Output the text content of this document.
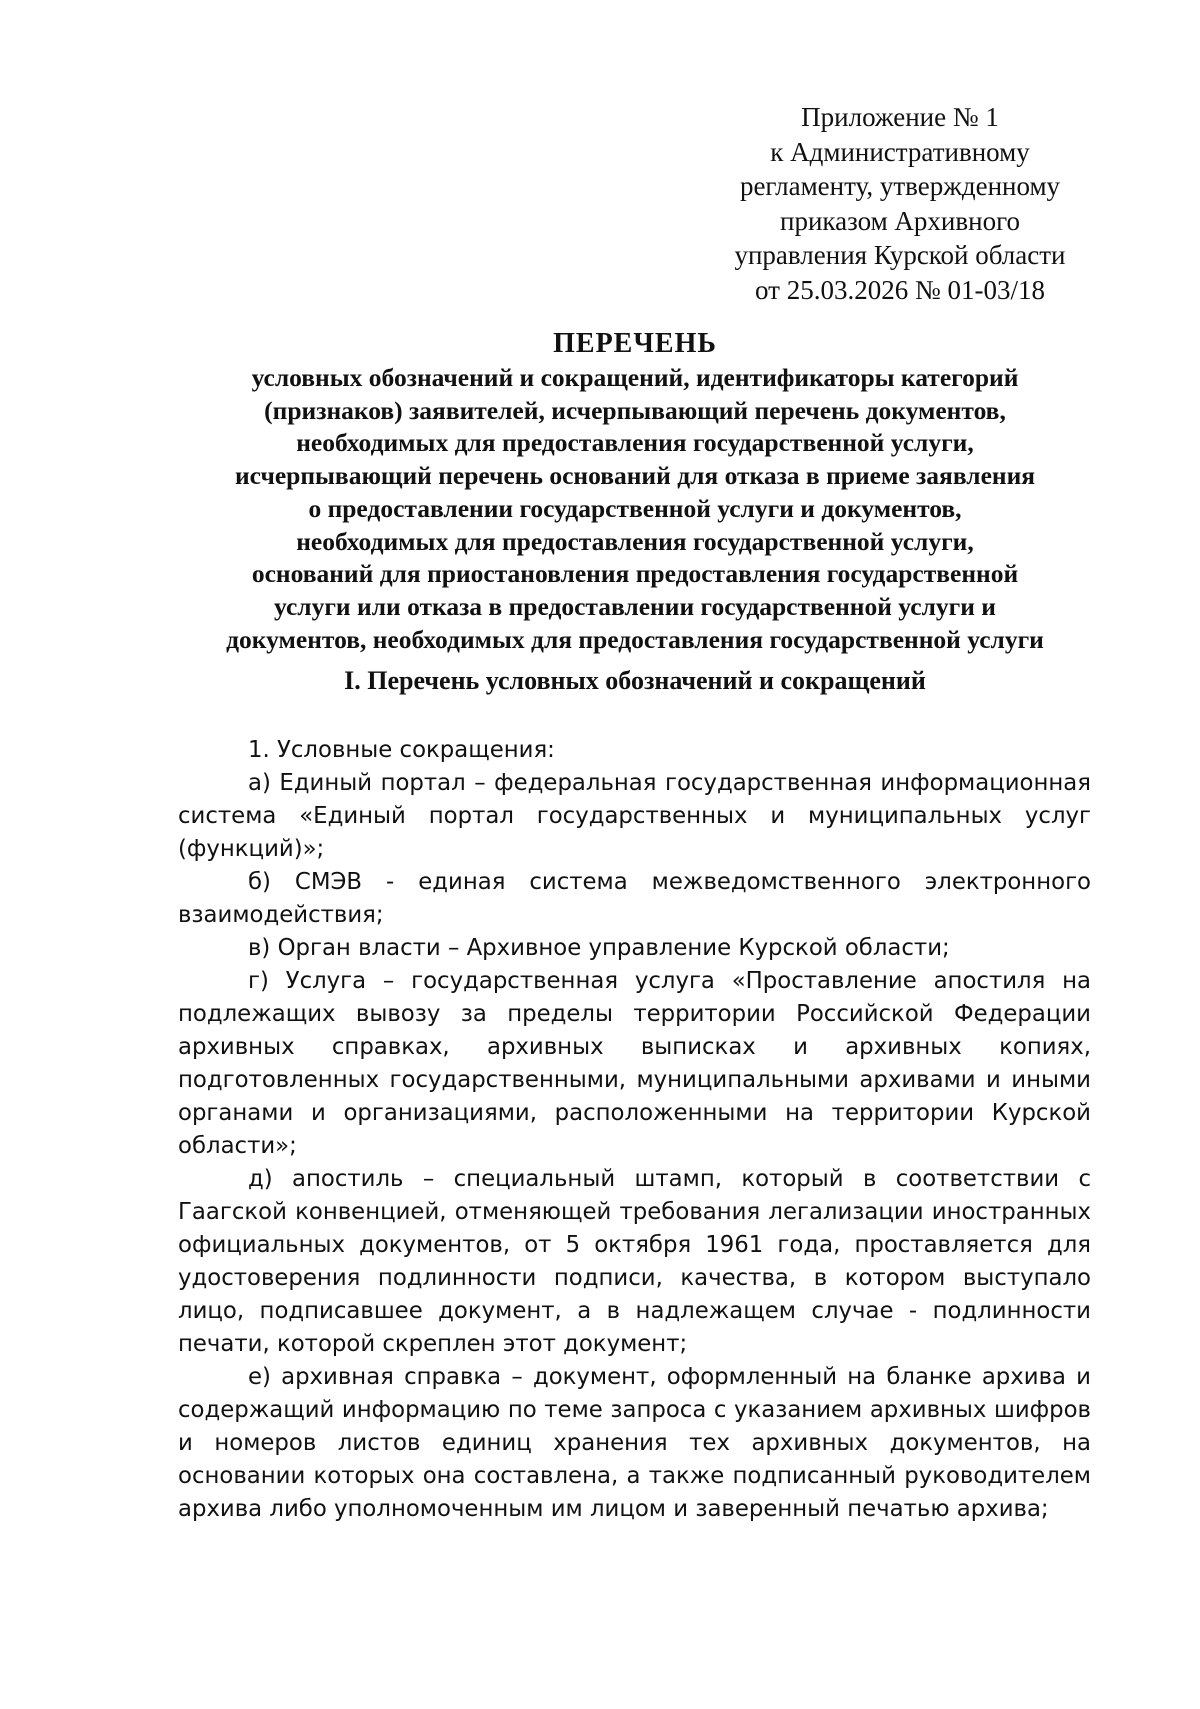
Приложение № 1
к Административному
регламенту, утвержденному
приказом Архивного
управления Курской области
от 25.03.2026 № 01-03/18
ПЕРЕЧЕНЬ
условных обозначений и сокращений, идентификаторы категорий
(признаков) заявителей, исчерпывающий перечень документов,
необходимых для предоставления государственной услуги,
исчерпывающий перечень оснований для отказа в приеме заявления
о предоставлении государственной услуги и документов,
необходимых для предоставления государственной услуги,
оснований для приостановления предоставления государственной
услуги или отказа в предоставлении государственной услуги и
документов, необходимых для предоставления государственной услуги
I. Перечень условных обозначений и сокращений

1. Условные сокращения:

а) Единый портал – федеральная государственная информационная система «Единый портал государственных и муниципальных услуг (функций)»;

б) СМЭВ - единая система межведомственного электронного взаимодействия;

в) Орган власти – Архивное управление Курской области;

г) Услуга – государственная услуга «Проставление апостиля на подлежащих вывозу за пределы территории Российской Федерации архивных справках, архивных выписках и архивных копиях, подготовленных государственными, муниципальными архивами и иными органами и организациями, расположенными на территории Курской области»;

д) апостиль – специальный штамп, который в соответствии с Гаагской конвенцией, отменяющей требования легализации иностранных официальных документов, от 5 октября 1961 года, проставляется для удостоверения подлинности подписи, качества, в котором выступало лицо, подписавшее документ, а в надлежащем случае - подлинности печати, которой скреплен этот документ;

е) архивная справка – документ, оформленный на бланке архива и содержащий информацию по теме запроса с указанием архивных шифров и номеров листов единиц хранения тех архивных документов, на основании которых она составлена, а также подписанный руководителем архива либо уполномоченным им лицом и заверенный печатью архива;
